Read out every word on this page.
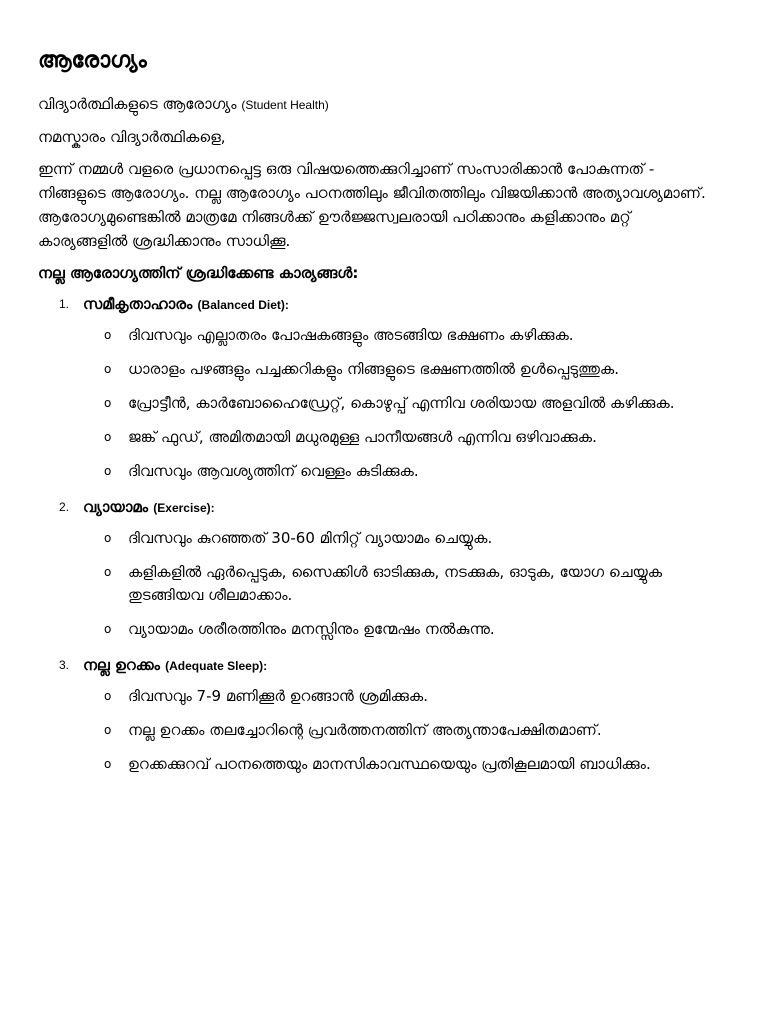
ആരോഗ്യം

വിദ്യാർത്ഥികളുടെ ആരോഗ്യം (Student Health)

നമസ്കാരം വിദ്യാർത്ഥികളെ,

ഇന്ന് നമ്മൾ വളരെ പ്രധാനപ്പെട്ട ഒരു വിഷയത്തെക്കുറിച്ചാണ് സംസാരിക്കാൻ പോകുന്നത് - നിങ്ങളുടെ ആരോഗ്യം. നല്ല ആരോഗ്യം പഠനത്തിലും ജീവിതത്തിലും വിജയിക്കാൻ അത്യാവശ്യമാണ്. ആരോഗ്യമുണ്ടെങ്കിൽ മാത്രമേ നിങ്ങൾക്ക് ഊർജ്ജസ്വലരായി പഠിക്കാനും കളിക്കാനും മറ്റ് കാര്യങ്ങളിൽ ശ്രദ്ധിക്കാനും സാധിക്കൂ.

നല്ല ആരോഗ്യത്തിന് ശ്രദ്ധിക്കേണ്ട കാര്യങ്ങൾ:

1. സമീകൃതാഹാരം (Balanced Diet):
o ദിവസവും എല്ലാതരം പോഷകങ്ങളും അടങ്ങിയ ഭക്ഷണം കഴിക്കുക.
o ധാരാളം പഴങ്ങളും പച്ചക്കറികളും നിങ്ങളുടെ ഭക്ഷണത്തിൽ ഉൾപ്പെടുത്തുക.
o പ്രോട്ടീൻ, കാർബോഹൈഡ്രേറ്റ്, കൊഴുപ്പ് എന്നിവ ശരിയായ അളവിൽ കഴിക്കുക.
o ജങ്ക് ഫുഡ്, അമിതമായി മധുരമുള്ള പാനീയങ്ങൾ എന്നിവ ഒഴിവാക്കുക.
o ദിവസവും ആവശ്യത്തിന് വെള്ളം കുടിക്കുക.
2. വ്യായാമം (Exercise):
o ദിവസവും കുറഞ്ഞത് 30-60 മിനിറ്റ് വ്യായാമം ചെയ്യുക.
o കളികളിൽ ഏർപ്പെടുക, സൈക്കിൾ ഓടിക്കുക, നടക്കുക, ഓടുക, യോഗ ചെയ്യുക തുടങ്ങിയവ ശീലമാക്കാം.
o വ്യായാമം ശരീരത്തിനും മനസ്സിനും ഉന്മേഷം നൽകുന്നു.
3. നല്ല ഉറക്കം (Adequate Sleep):
o ദിവസവും 7-9 മണിക്കൂർ ഉറങ്ങാൻ ശ്രമിക്കുക.
o നല്ല ഉറക്കം തലച്ചോറിന്റെ പ്രവർത്തനത്തിന് അത്യന്താപേക്ഷിതമാണ്.
o ഉറക്കക്കുറവ് പഠനത്തെയും മാനസികാവസ്ഥയെയും പ്രതികൂലമായി ബാധിക്കും.
